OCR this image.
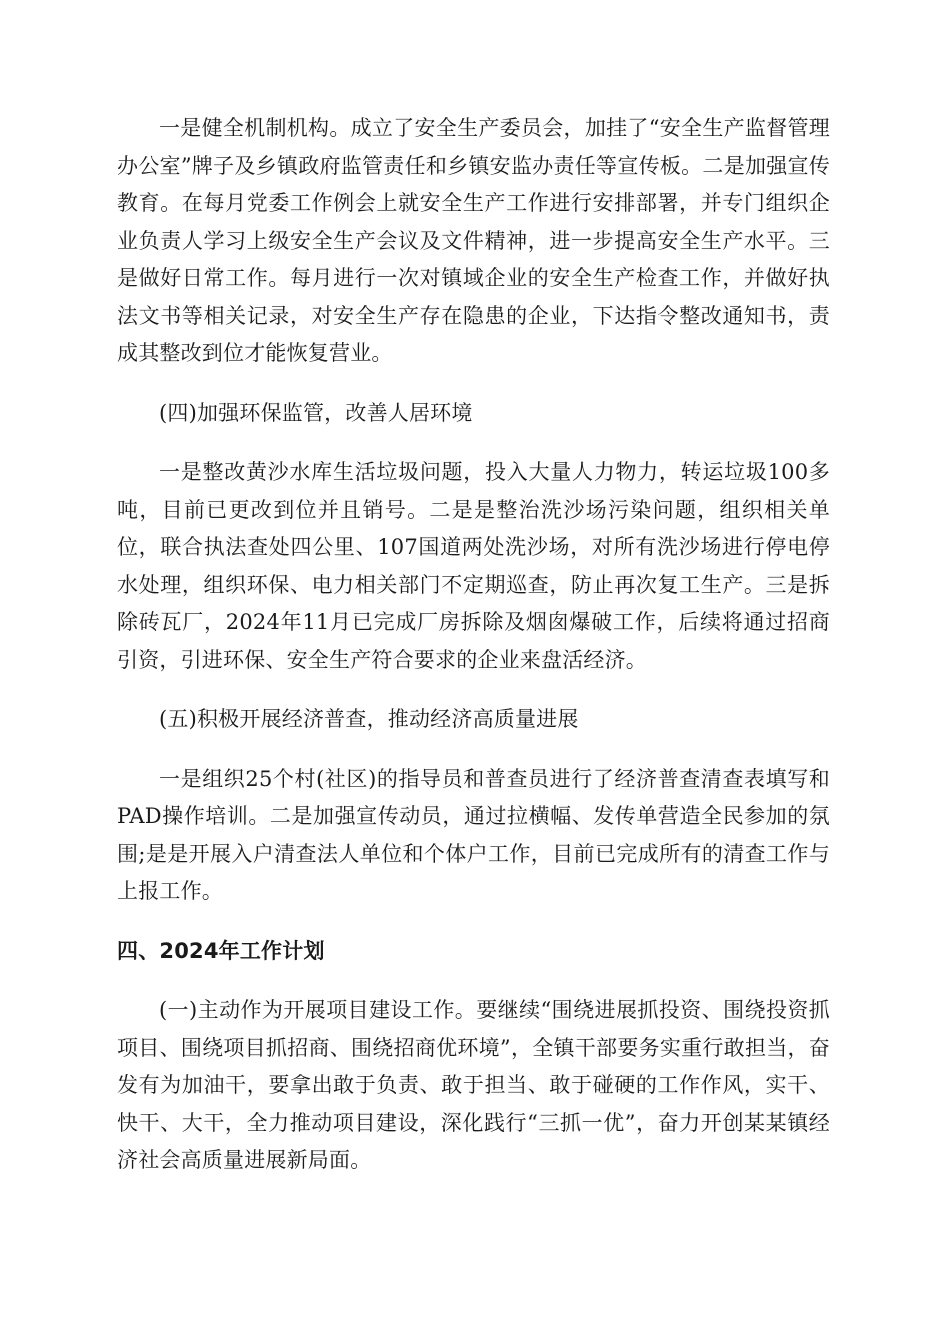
一是健全机制机构。成立了安全生产委员会，加挂了“安全生产监督管理办公室”牌子及乡镇政府监管责任和乡镇安监办责任等宣传板。二是加强宣传教育。在每月党委工作例会上就安全生产工作进行安排部署，并专门组织企业负责人学习上级安全生产会议及文件精神，进一步提高安全生产水平。三是做好日常工作。每月进行一次对镇域企业的安全生产检查工作，并做好执法文书等相关记录，对安全生产存在隐患的企业，下达指令整改通知书，责成其整改到位才能恢复营业。

(四)加强环保监管，改善人居环境

一是整改黄沙水库生活垃圾问题，投入大量人力物力，转运垃圾100多吨，目前已更改到位并且销号。二是是整治洗沙场污染问题，组织相关单位，联合执法查处四公里、107国道两处洗沙场，对所有洗沙场进行停电停水处理，组织环保、电力相关部门不定期巡查，防止再次复工生产。三是拆除砖瓦厂，2024年11月已完成厂房拆除及烟囱爆破工作，后续将通过招商引资，引进环保、安全生产符合要求的企业来盘活经济。

(五)积极开展经济普查，推动经济高质量进展

一是组织25个村(社区)的指导员和普查员进行了经济普查清查表填写和PAD操作培训。二是加强宣传动员，通过拉横幅、发传单营造全民参加的氛围;是是开展入户清查法人单位和个体户工作，目前已完成所有的清查工作与上报工作。

四、2024年工作计划

(一)主动作为开展项目建设工作。要继续“围绕进展抓投资、围绕投资抓项目、围绕项目抓招商、围绕招商优环境”，全镇干部要务实重行敢担当，奋发有为加油干，要拿出敢于负责、敢于担当、敢于碰硬的工作作风，实干、快干、大干，全力推动项目建设，深化践行“三抓一优”，奋力开创某某镇经济社会高质量进展新局面。
